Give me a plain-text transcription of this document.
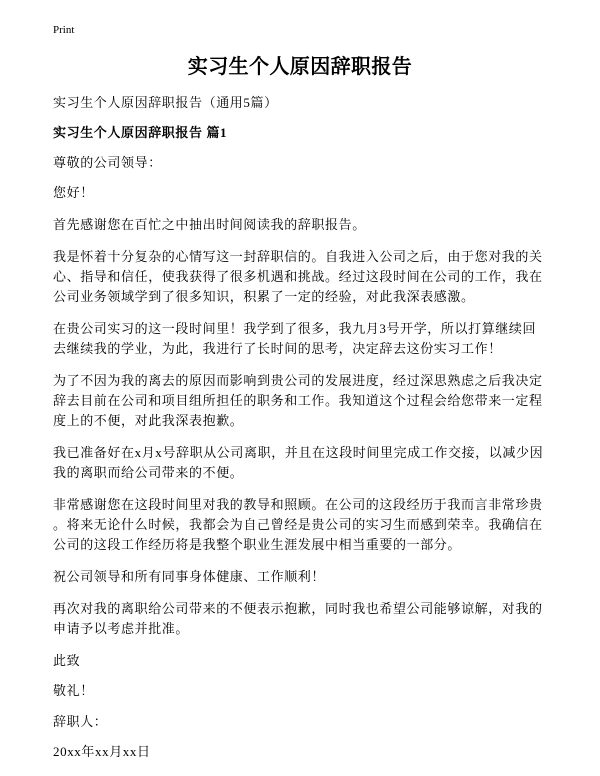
Print
实习生个人原因辞职报告
实习生个人原因辞职报告（通用5篇）
实习生个人原因辞职报告 篇1
尊敬的公司领导：
您好！
首先感谢您在百忙之中抽出时间阅读我的辞职报告。
我是怀着十分复杂的心情写这一封辞职信的。自我进入公司之后，由于您对我的关
心、指导和信任，使我获得了很多机遇和挑战。经过这段时间在公司的工作，我在
公司业务领域学到了很多知识，积累了一定的经验，对此我深表感激。
在贵公司实习的这一段时间里！我学到了很多，我九月3号开学，所以打算继续回
去继续我的学业，为此，我进行了长时间的思考，决定辞去这份实习工作！
为了不因为我的离去的原因而影响到贵公司的发展进度，经过深思熟虑之后我决定
辞去目前在公司和项目组所担任的职务和工作。我知道这个过程会给您带来一定程
度上的不便，对此我深表抱歉。
我已准备好在x月x号辞职从公司离职，并且在这段时间里完成工作交接，以减少因
我的离职而给公司带来的不便。
非常感谢您在这段时间里对我的教导和照顾。在公司的这段经历于我而言非常珍贵
。将来无论什么时候，我都会为自己曾经是贵公司的实习生而感到荣幸。我确信在
公司的这段工作经历将是我整个职业生涯发展中相当重要的一部分。
祝公司领导和所有同事身体健康、工作顺利！
再次对我的离职给公司带来的不便表示抱歉，同时我也希望公司能够谅解，对我的
申请予以考虑并批准。
此致
敬礼！
辞职人：
20xx年xx月xx日
